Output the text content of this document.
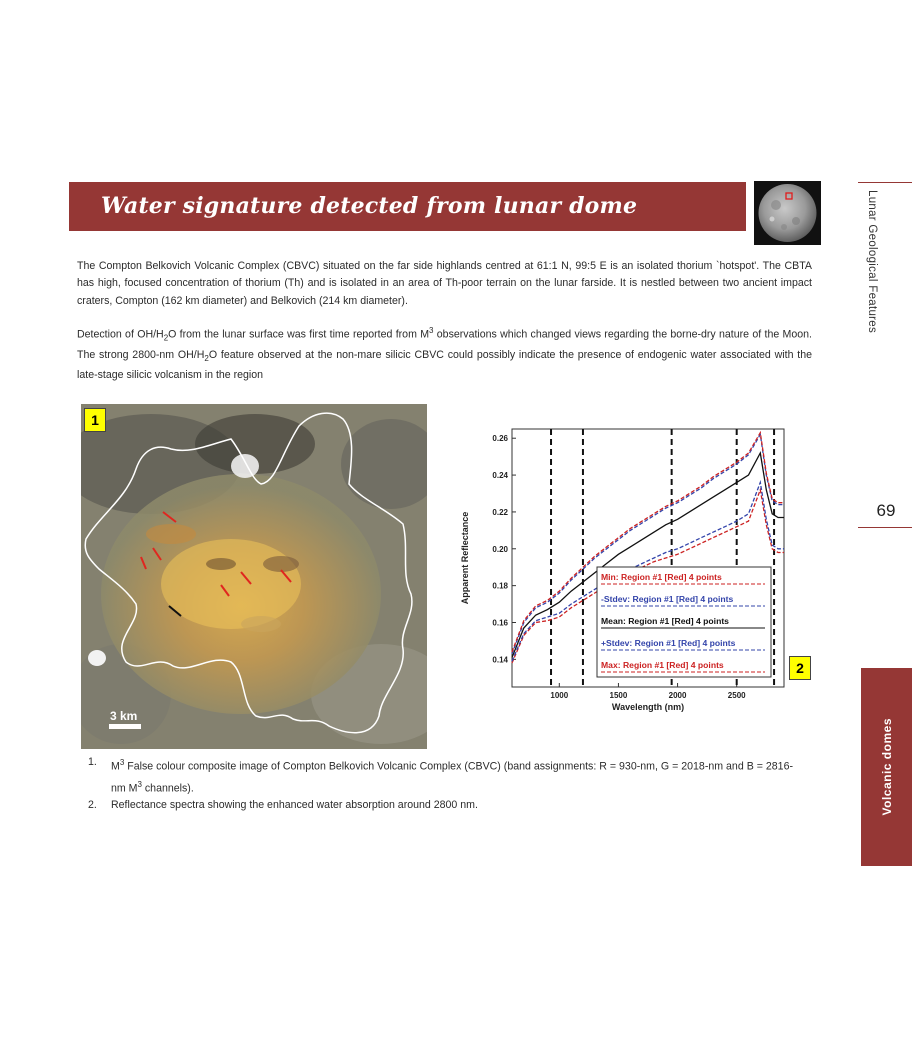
Water signature detected from lunar dome	Lunar Geological Features
69
Volcanic domes
The Compton Belkovich Volcanic Complex (CBVC) situated on the far side highlands centred at 61:1 N, 99:5 E is an isolated thorium `hotspot'. The CBTA has high, focused concentration of thorium (Th) and is isolated in an area of Th-poor terrain on the lunar farside. It is nestled between two ancient impact craters, Compton (162 km diameter) and Belkovich (214 km diameter).
Detection of $OH/H_2O$ from the lunar surface was first time reported from $M^3$ observations which changed views regarding the borne-dry nature of the Moon. The strong 2800-nm $OH/H_2O$ feature observed at the non-mare silicic CBVC could possibly indicate the presence of endogenic water associated with the late-stage silicic volcanism in the region
3 km
1
0.14
0.16
0.18
0.20
0.22
0.24
0.26
1000	1500	2000	2500
Min: Region #1 [Red] 4 points
-Stdev: Region #1 [Red] 4 points
Mean: Region #1 [Red] 4 points
+Stdev: Region #1 [Red] 4 points
Max: Region #1 [Red] 4 points
Wavelength (nm)
Apparent Reflectance
2
1.	$M^3$ False colour composite image of Compton Belkovich Volcanic Complex (CBVC) (band assignments: R = 930-nm, G = 2018-nm and B = 2816-nm $M^3$ channels).
2.	Reflectance spectra showing the enhanced water absorption around 2800 nm.
